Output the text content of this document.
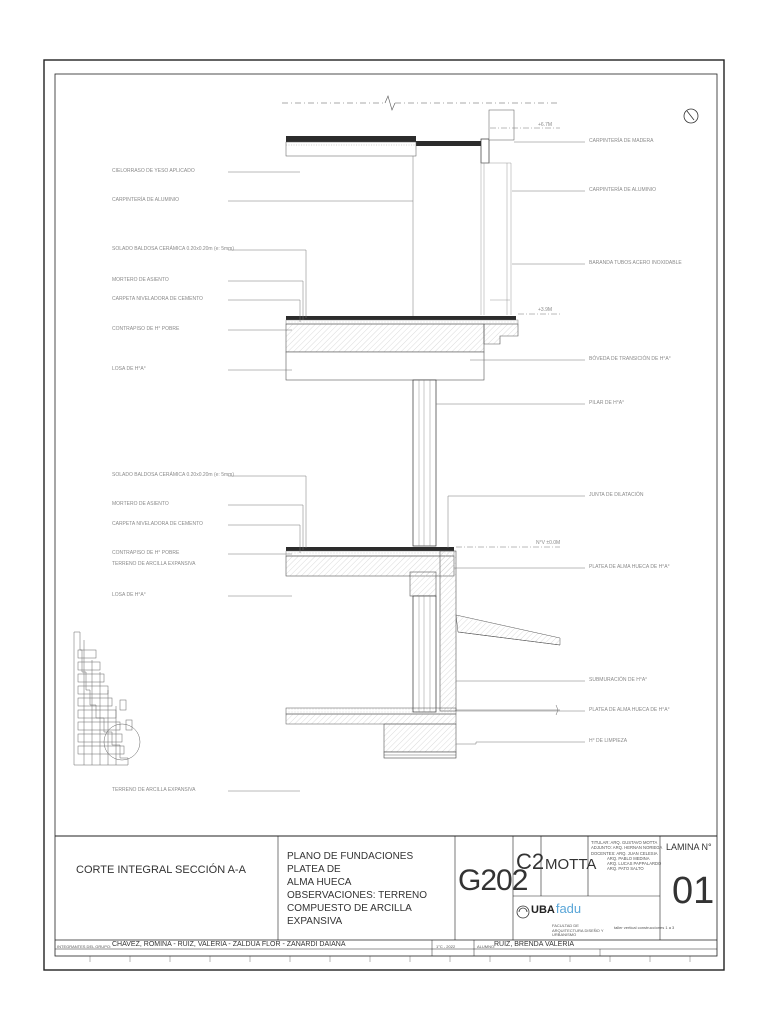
CIELORRASO DE YESO APLICADO
CARPINTERÍA DE ALUMINIO
SOLADO BALDOSA CERÁMICA 0.20x0.20m (e: 5mm)
MORTERO DE ASIENTO
CARPETA NIVELADORA DE CEMENTO
CONTRAPISO DE H° POBRE
LOSA DE H°A°
SOLADO BALDOSA CERÁMICA 0.20x0.20m (e: 5mm)
MORTERO DE ASIENTO
CARPETA NIVELADORA DE CEMENTO
CONTRAPISO DE H° POBRE
TERRENO DE ARCILLA EXPANSIVA
LOSA DE H°A°
TERRENO DE ARCILLA EXPANSIVA
CARPINTERÍA DE MADERA
CARPINTERÍA DE ALUMINIO
BARANDA TUBOS ACERO INOXIDABLE
BÓVEDA DE TRANSICIÓN DE H°A°
PILAR DE H°A°
JUNTA DE DILATACIÓN
PLATEA DE ALMA HUECA DE H°A°
SUBMURACIÓN DE H°A°
PLATEA DE ALMA HUECA DE H°A°
H° DE LIMPIEZA
+6.7M
+3.9M
N°V ±0.0M
CORTE INTEGRAL SECCIÓN A-A
PLANO DE FUNDACIONES PLATEA DE
ALMA HUECA
OBSERVACIONES: TERRENO
COMPUESTO DE ARCILLA EXPANSIVA
G202
C2 MOTTA
TITULAR: ARQ. GUSTAVO MOTTA
ADJUNTO: ARQ. HERNAN NORIEGA
DOCENTES: ARQ. JUAN CELESIA
ARQ. PABLO MEDINA
ARQ. LUCAS PAPPALARDO
ARQ. PATO SALTO
LAMINA N°
01
UBA fadu
FACULTAD DE ARQUITECTURA DISEÑO Y URBANISMO
taller vertical construcciones 1 a 3
INTEGRANTES DEL GRUPO: CHAVEZ, ROMINA - RUIZ, VALERIA - ZALDUA FLOR - ZANARDI DAIANA	1°C - 2022	ALUMNO:
RUIZ, BRENDA VALERIA
